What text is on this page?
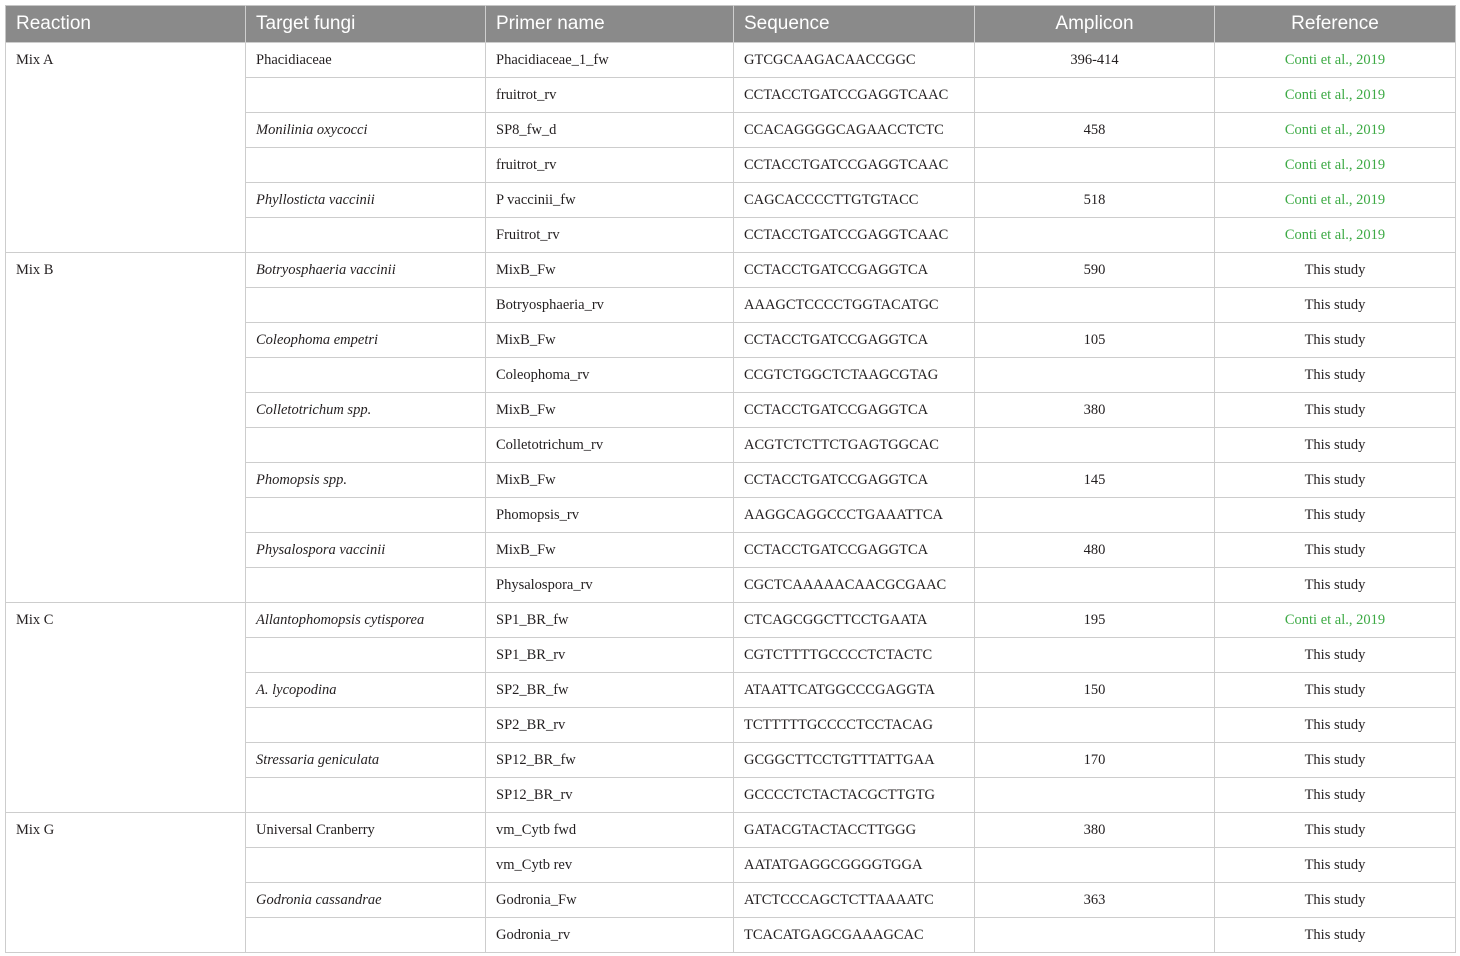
Reaction	Target fungi	Primer name	Sequence	Amplicon	Reference
Mix A	Phacidiaceae	Phacidiaceae_1_fw	GTCGCAAGACAACCGGC	396-414	Conti et al., 2019
		fruitrot_rv	CCTACCTGATCCGAGGTCAAC		Conti et al., 2019
	Monilinia oxycocci	SP8_fw_d	CCACAGGGGCAGAACCTCTC	458	Conti et al., 2019
		fruitrot_rv	CCTACCTGATCCGAGGTCAAC		Conti et al., 2019
	Phyllosticta vaccinii	P vaccinii_fw	CAGCACCCCTTGTGTACC	518	Conti et al., 2019
		Fruitrot_rv	CCTACCTGATCCGAGGTCAAC		Conti et al., 2019
Mix B	Botryosphaeria vaccinii	MixB_Fw	CCTACCTGATCCGAGGTCA	590	This study
		Botryosphaeria_rv	AAAGCTCCCCTGGTACATGC		This study
	Coleophoma empetri	MixB_Fw	CCTACCTGATCCGAGGTCA	105	This study
		Coleophoma_rv	CCGTCTGGCTCTAAGCGTAG		This study
	Colletotrichum spp.	MixB_Fw	CCTACCTGATCCGAGGTCA	380	This study
		Colletotrichum_rv	ACGTCTCTTCTGAGTGGCAC		This study
	Phomopsis spp.	MixB_Fw	CCTACCTGATCCGAGGTCA	145	This study
		Phomopsis_rv	AAGGCAGGCCCTGAAATTCA		This study
	Physalospora vaccinii	MixB_Fw	CCTACCTGATCCGAGGTCA	480	This study
		Physalospora_rv	CGCTCAAAAACAACGCGAAC		This study
Mix C	Allantophomopsis cytisporea	SP1_BR_fw	CTCAGCGGCTTCCTGAATA	195	Conti et al., 2019
		SP1_BR_rv	CGTCTTTTGCCCCTCTACTC		This study
	A. lycopodina	SP2_BR_fw	ATAATTCATGGCCCGAGGTA	150	This study
		SP2_BR_rv	TCTTTTTGCCCCTCCTACAG		This study
	Stressaria geniculata	SP12_BR_fw	GCGGCTTCCTGTTTATTGAA	170	This study
		SP12_BR_rv	GCCCCTCTACTACGCTTGTG		This study
Mix G	Universal Cranberry	vm_Cytb fwd	GATACGTACTACCTTGGG	380	This study
		vm_Cytb rev	AATATGAGGCGGGGTGGA		This study
	Godronia cassandrae	Godronia_Fw	ATCTCCCAGCTCTTAAAATC	363	This study
		Godronia_rv	TCACATGAGCGAAAGCAC		This study
